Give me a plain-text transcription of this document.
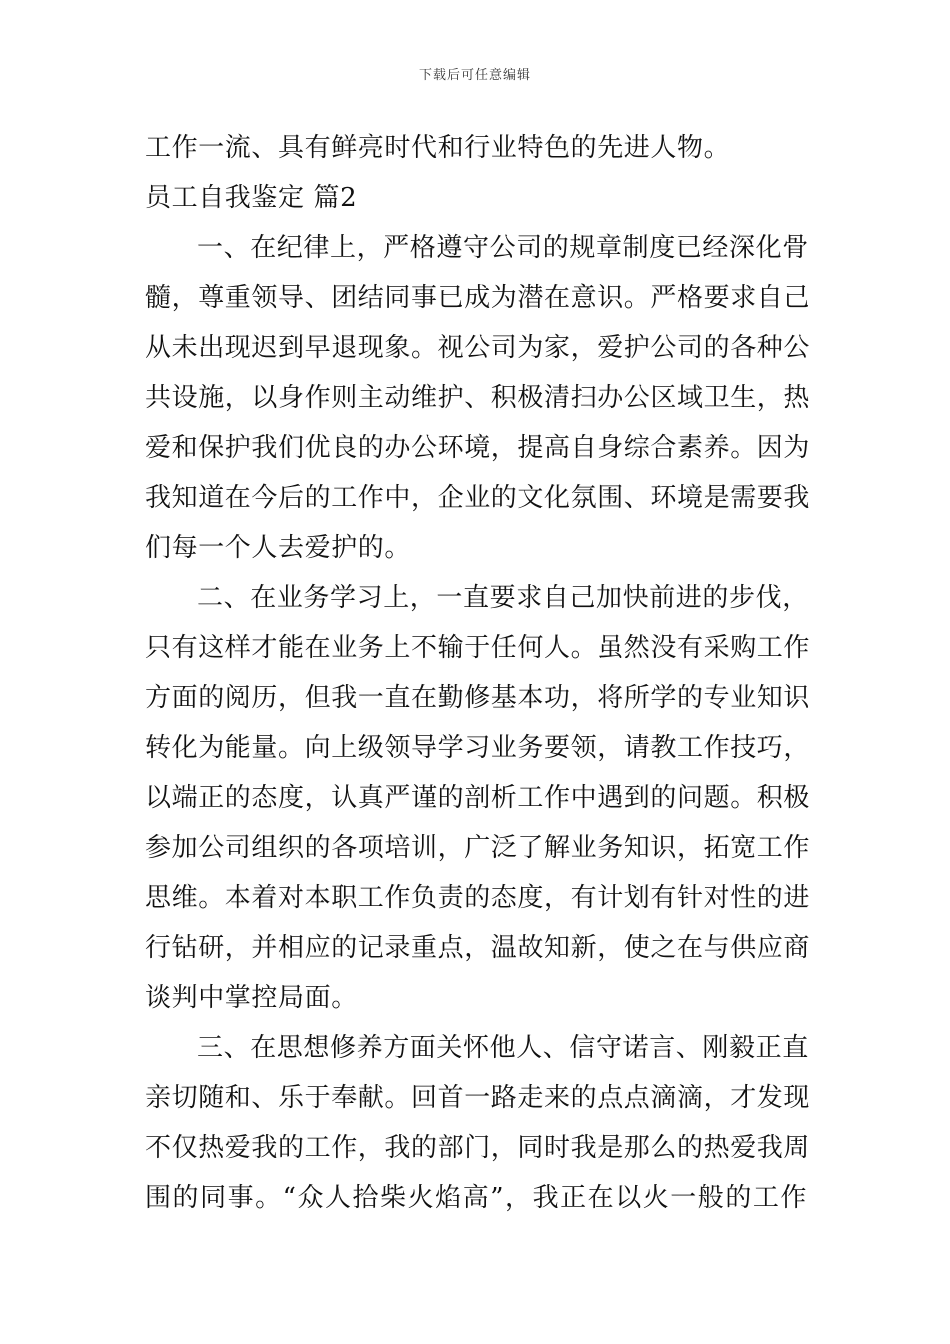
下载后可任意编辑
工作一流、具有鲜亮时代和行业特色的先进人物。
员工自我鉴定 篇2
一、在纪律上，严格遵守公司的规章制度已经深化骨
髓，尊重领导、团结同事已成为潜在意识。严格要求自己
从未出现迟到早退现象。视公司为家，爱护公司的各种公
共设施，以身作则主动维护、积极清扫办公区域卫生，热
爱和保护我们优良的办公环境，提高自身综合素养。因为
我知道在今后的工作中，企业的文化氛围、环境是需要我
们每一个人去爱护的。
二、在业务学习上，一直要求自己加快前进的步伐，
只有这样才能在业务上不输于任何人。虽然没有采购工作
方面的阅历，但我一直在勤修基本功，将所学的专业知识
转化为能量。向上级领导学习业务要领，请教工作技巧，
以端正的态度，认真严谨的剖析工作中遇到的问题。积极
参加公司组织的各项培训，广泛了解业务知识，拓宽工作
思维。本着对本职工作负责的态度，有计划有针对性的进
行钻研，并相应的记录重点，温故知新，使之在与供应商
谈判中掌控局面。
三、在思想修养方面关怀他人、信守诺言、刚毅正直
亲切随和、乐于奉献。回首一路走来的点点滴滴，才发现
不仅热爱我的工作，我的部门，同时我是那么的热爱我周
围的同事。“众人拾柴火焰高”，我正在以火一般的工作
